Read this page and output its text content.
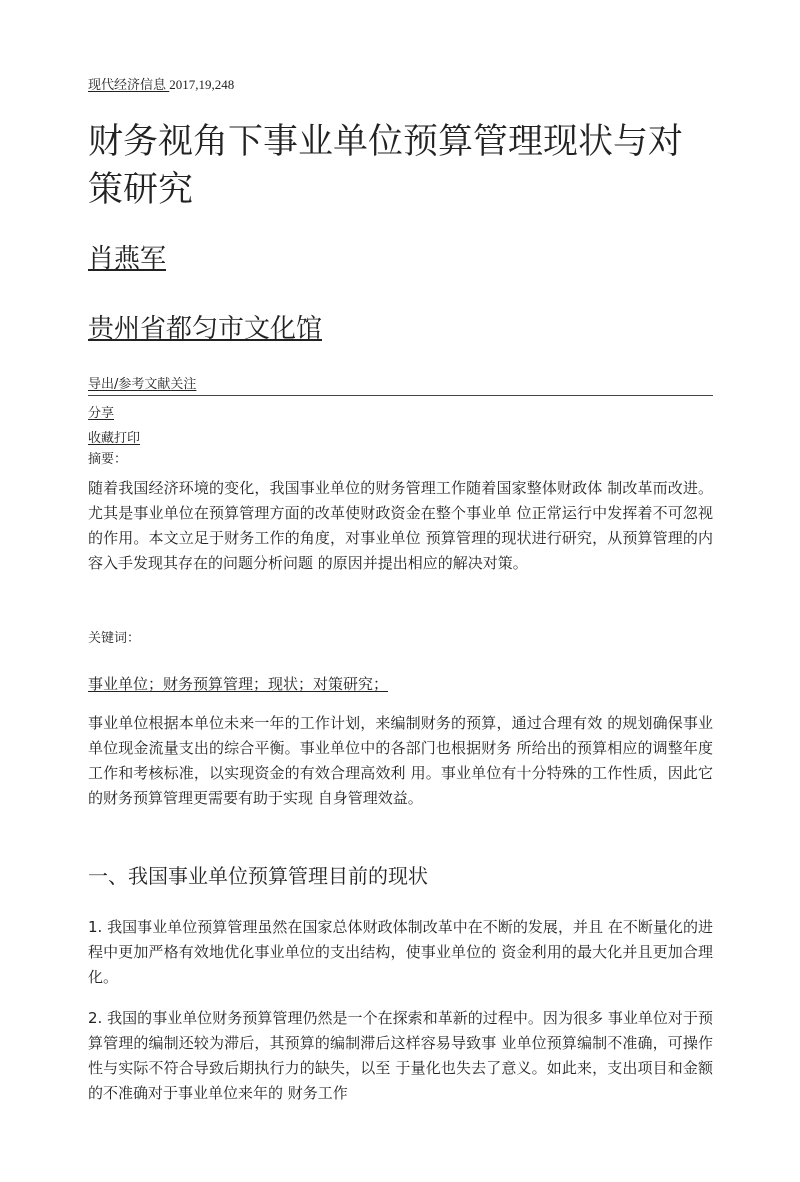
现代经济信息 2017,19,248
财务视角下事业单位预算管理现状与对策研究
肖燕军
贵州省都匀市文化馆
导出/参考文献关注
分享
收藏打印
摘要：

随着我国经济环境的变化，我国事业单位的财务管理工作随着国家整体财政体 制改革而改进。尤其是事业单位在预算管理方面的改革使财政资金在整个事业单 位正常运行中发挥着不可忽视的作用。本文立足于财务工作的角度，对事业单位 预算管理的现状进行研究，从预算管理的内容入手发现其存在的问题分析问题 的原因并提出相应的解决对策。

关键词：
事业单位；财务预算管理；现状；对策研究；

事业单位根据本单位未来一年的工作计划，来编制财务的预算，通过合理有效 的规划确保事业单位现金流量支出的综合平衡。事业单位中的各部门也根据财务 所给出的预算相应的调整年度工作和考核标准，以实现资金的有效合理高效利 用。事业单位有十分特殊的工作性质，因此它的财务预算管理更需要有助于实现 自身管理效益。

一、我国事业单位预算管理目前的现状

1. 我国事业单位预算管理虽然在国家总体财政体制改革中在不断的发展，并且 在不断量化的进程中更加严格有效地优化事业单位的支出结构，使事业单位的 资金利用的最大化并且更加合理化。

2. 我国的事业单位财务预算管理仍然是一个在探索和革新的过程中。因为很多 事业单位对于预算管理的编制还较为滞后，其预算的编制滞后这样容易导致事 业单位预算编制不准确，可操作性与实际不符合导致后期执行力的缺失，以至 于量化也失去了意义。如此来，支出项目和金额的不准确对于事业单位来年的 财务工作
